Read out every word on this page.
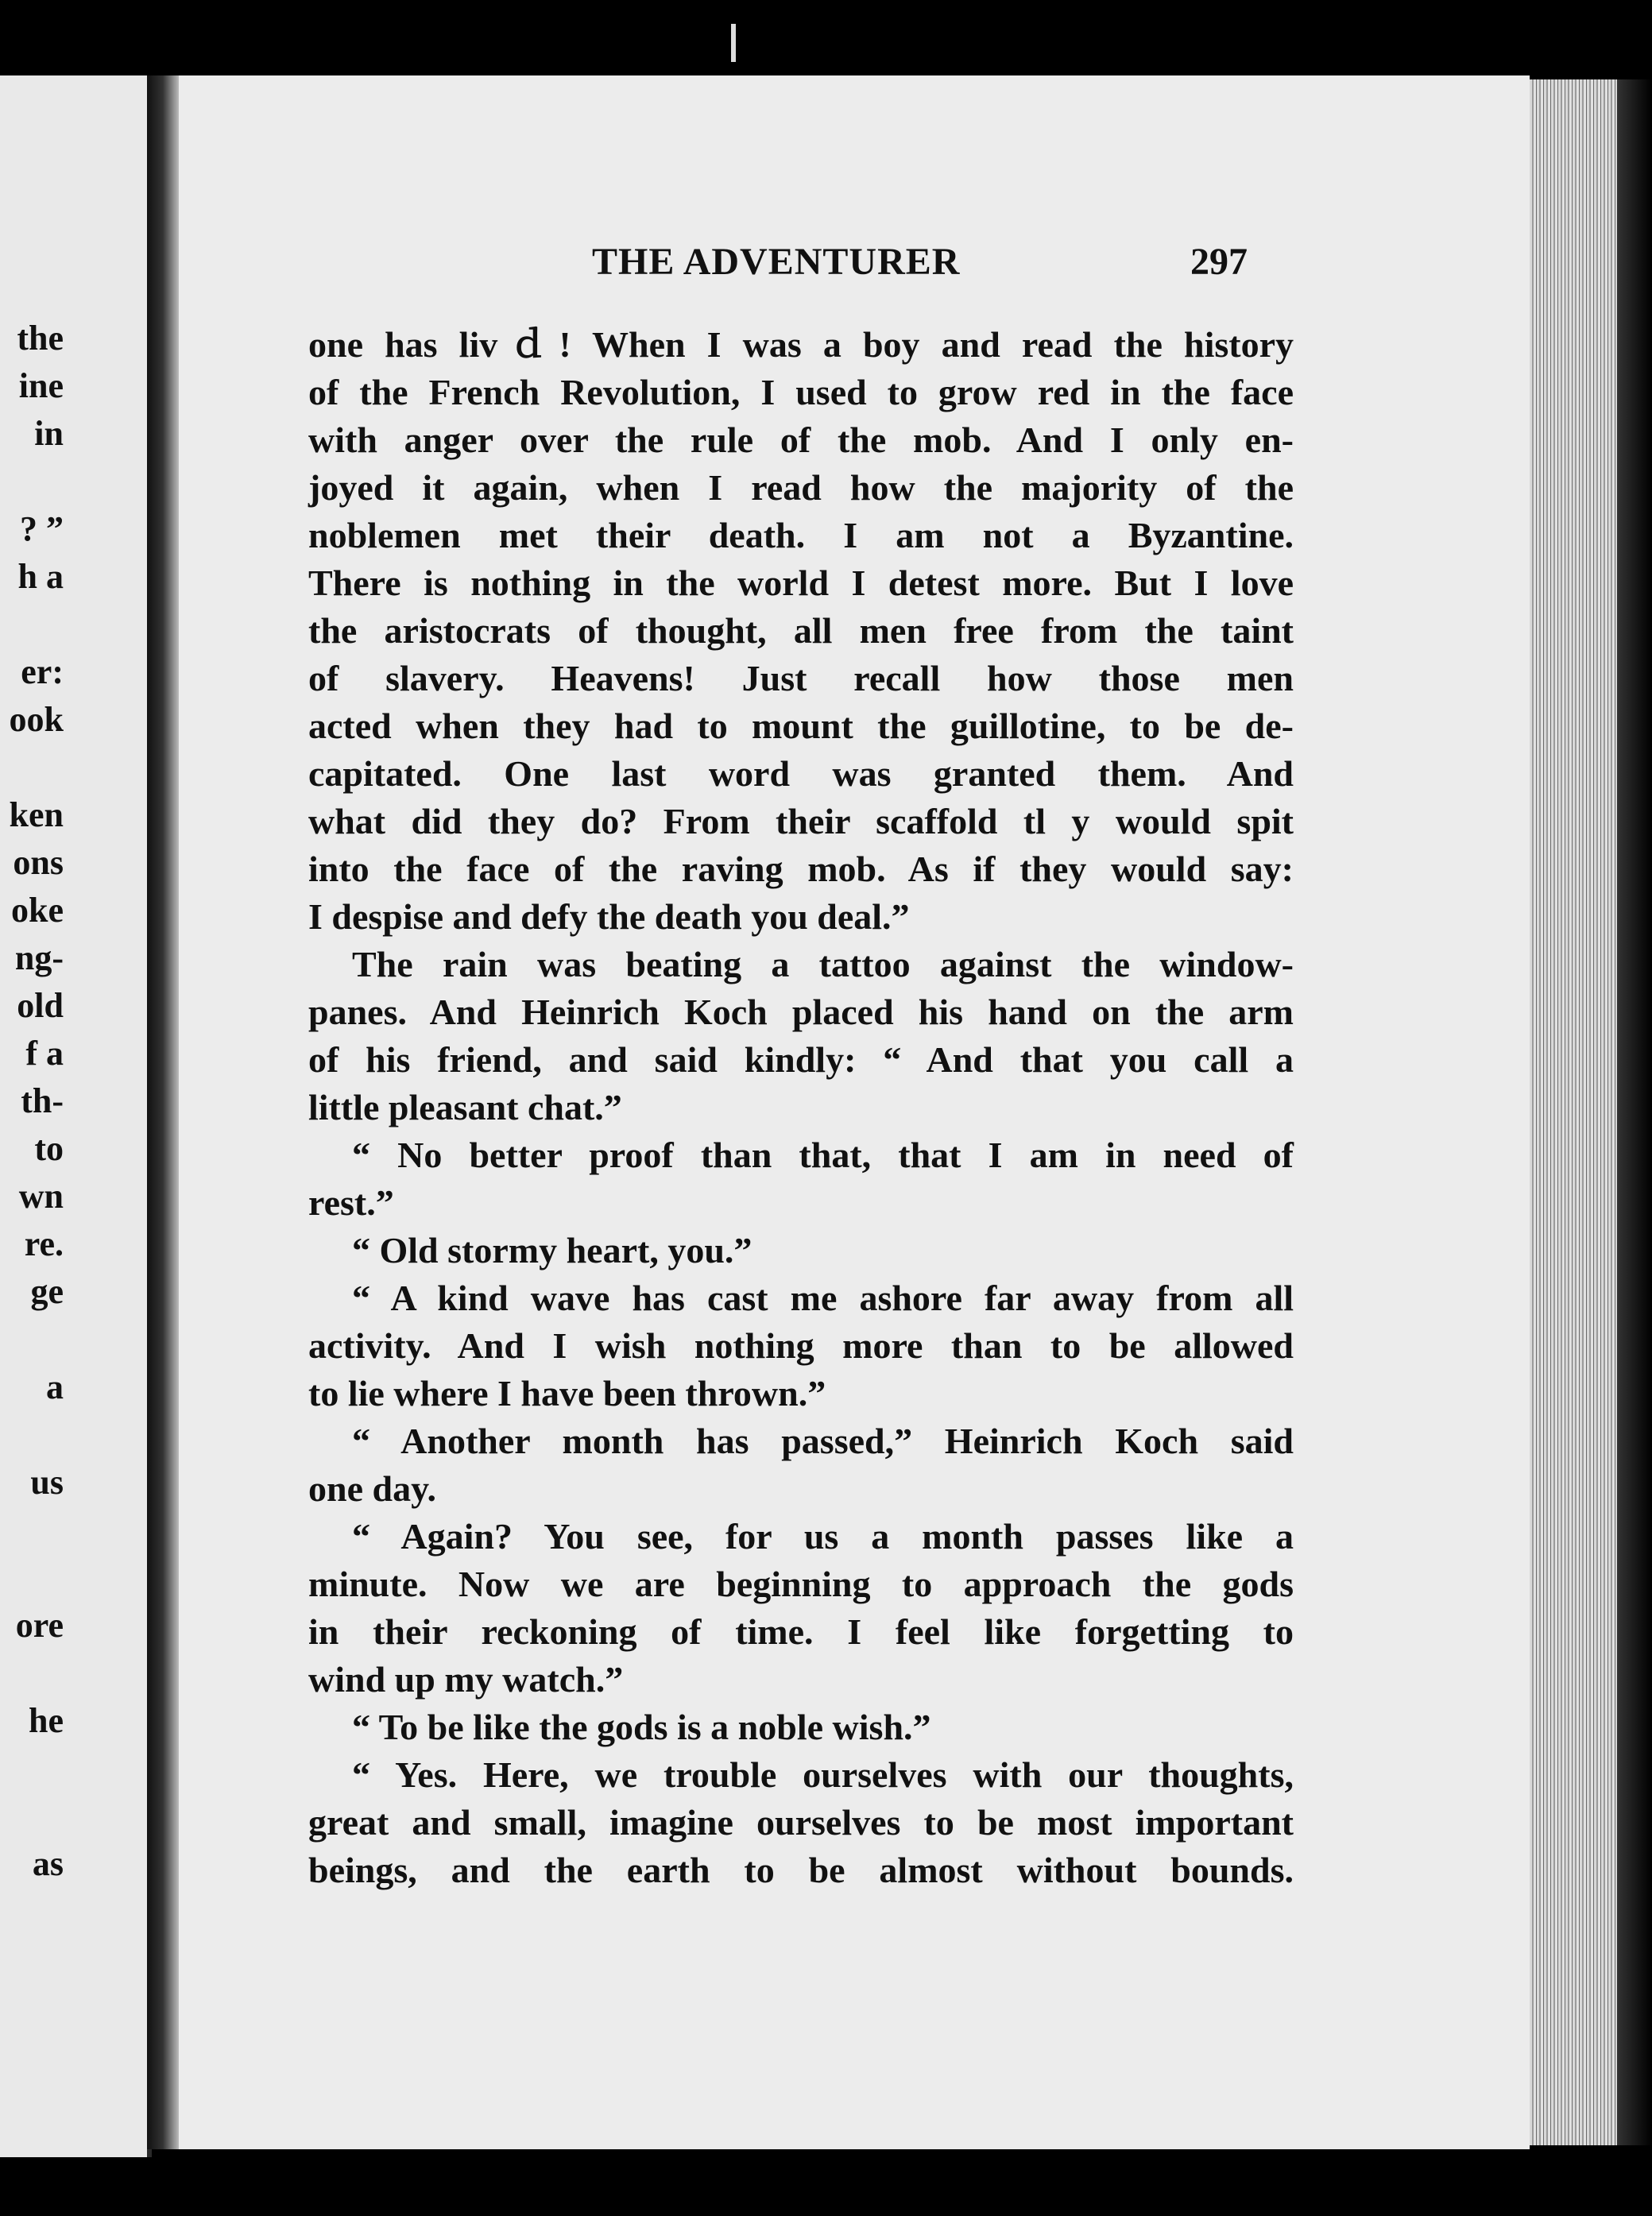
the
ine
in
? ”
h a
er:
ook
ken
ons
oke
ng-
old
f a
th-
to
wn
re.
ge
a
us
ore
he
as
THE ADVENTURER	297
one has livｄ! When I was a boy and read the history
of the French Revolution, I used to grow red in the face
with anger over the rule of the mob. And I only en-
joyed it again, when I read how the majority of the
noblemen met their death. I am not a Byzantine.
There is nothing in the world I detest more. But I love
the aristocrats of thought, all men free from the taint
of slavery. Heavens! Just recall how those men
acted when they had to mount the guillotine, to be de-
capitated. One last word was granted them. And
what did they do? From their scaffold tl y would spit
into the face of the raving mob. As if they would say:
I despise and defy the death you deal.”
The rain was beating a tattoo against the window-
panes. And Heinrich Koch placed his hand on the arm
of his friend, and said kindly: “ And that you call a
little pleasant chat.”
“ No better proof than that, that I am in need of
rest.”
“ Old stormy heart, you.”
“ A kind wave has cast me ashore far away from all
activity. And I wish nothing more than to be allowed
to lie where I have been thrown.”
“ Another month has passed,” Heinrich Koch said
one day.
“ Again? You see, for us a month passes like a
minute. Now we are beginning to approach the gods
in their reckoning of time. I feel like forgetting to
wind up my watch.”
“ To be like the gods is a noble wish.”
“ Yes. Here, we trouble ourselves with our thoughts,
great and small, imagine ourselves to be most important
beings, and the earth to be almost without bounds.
